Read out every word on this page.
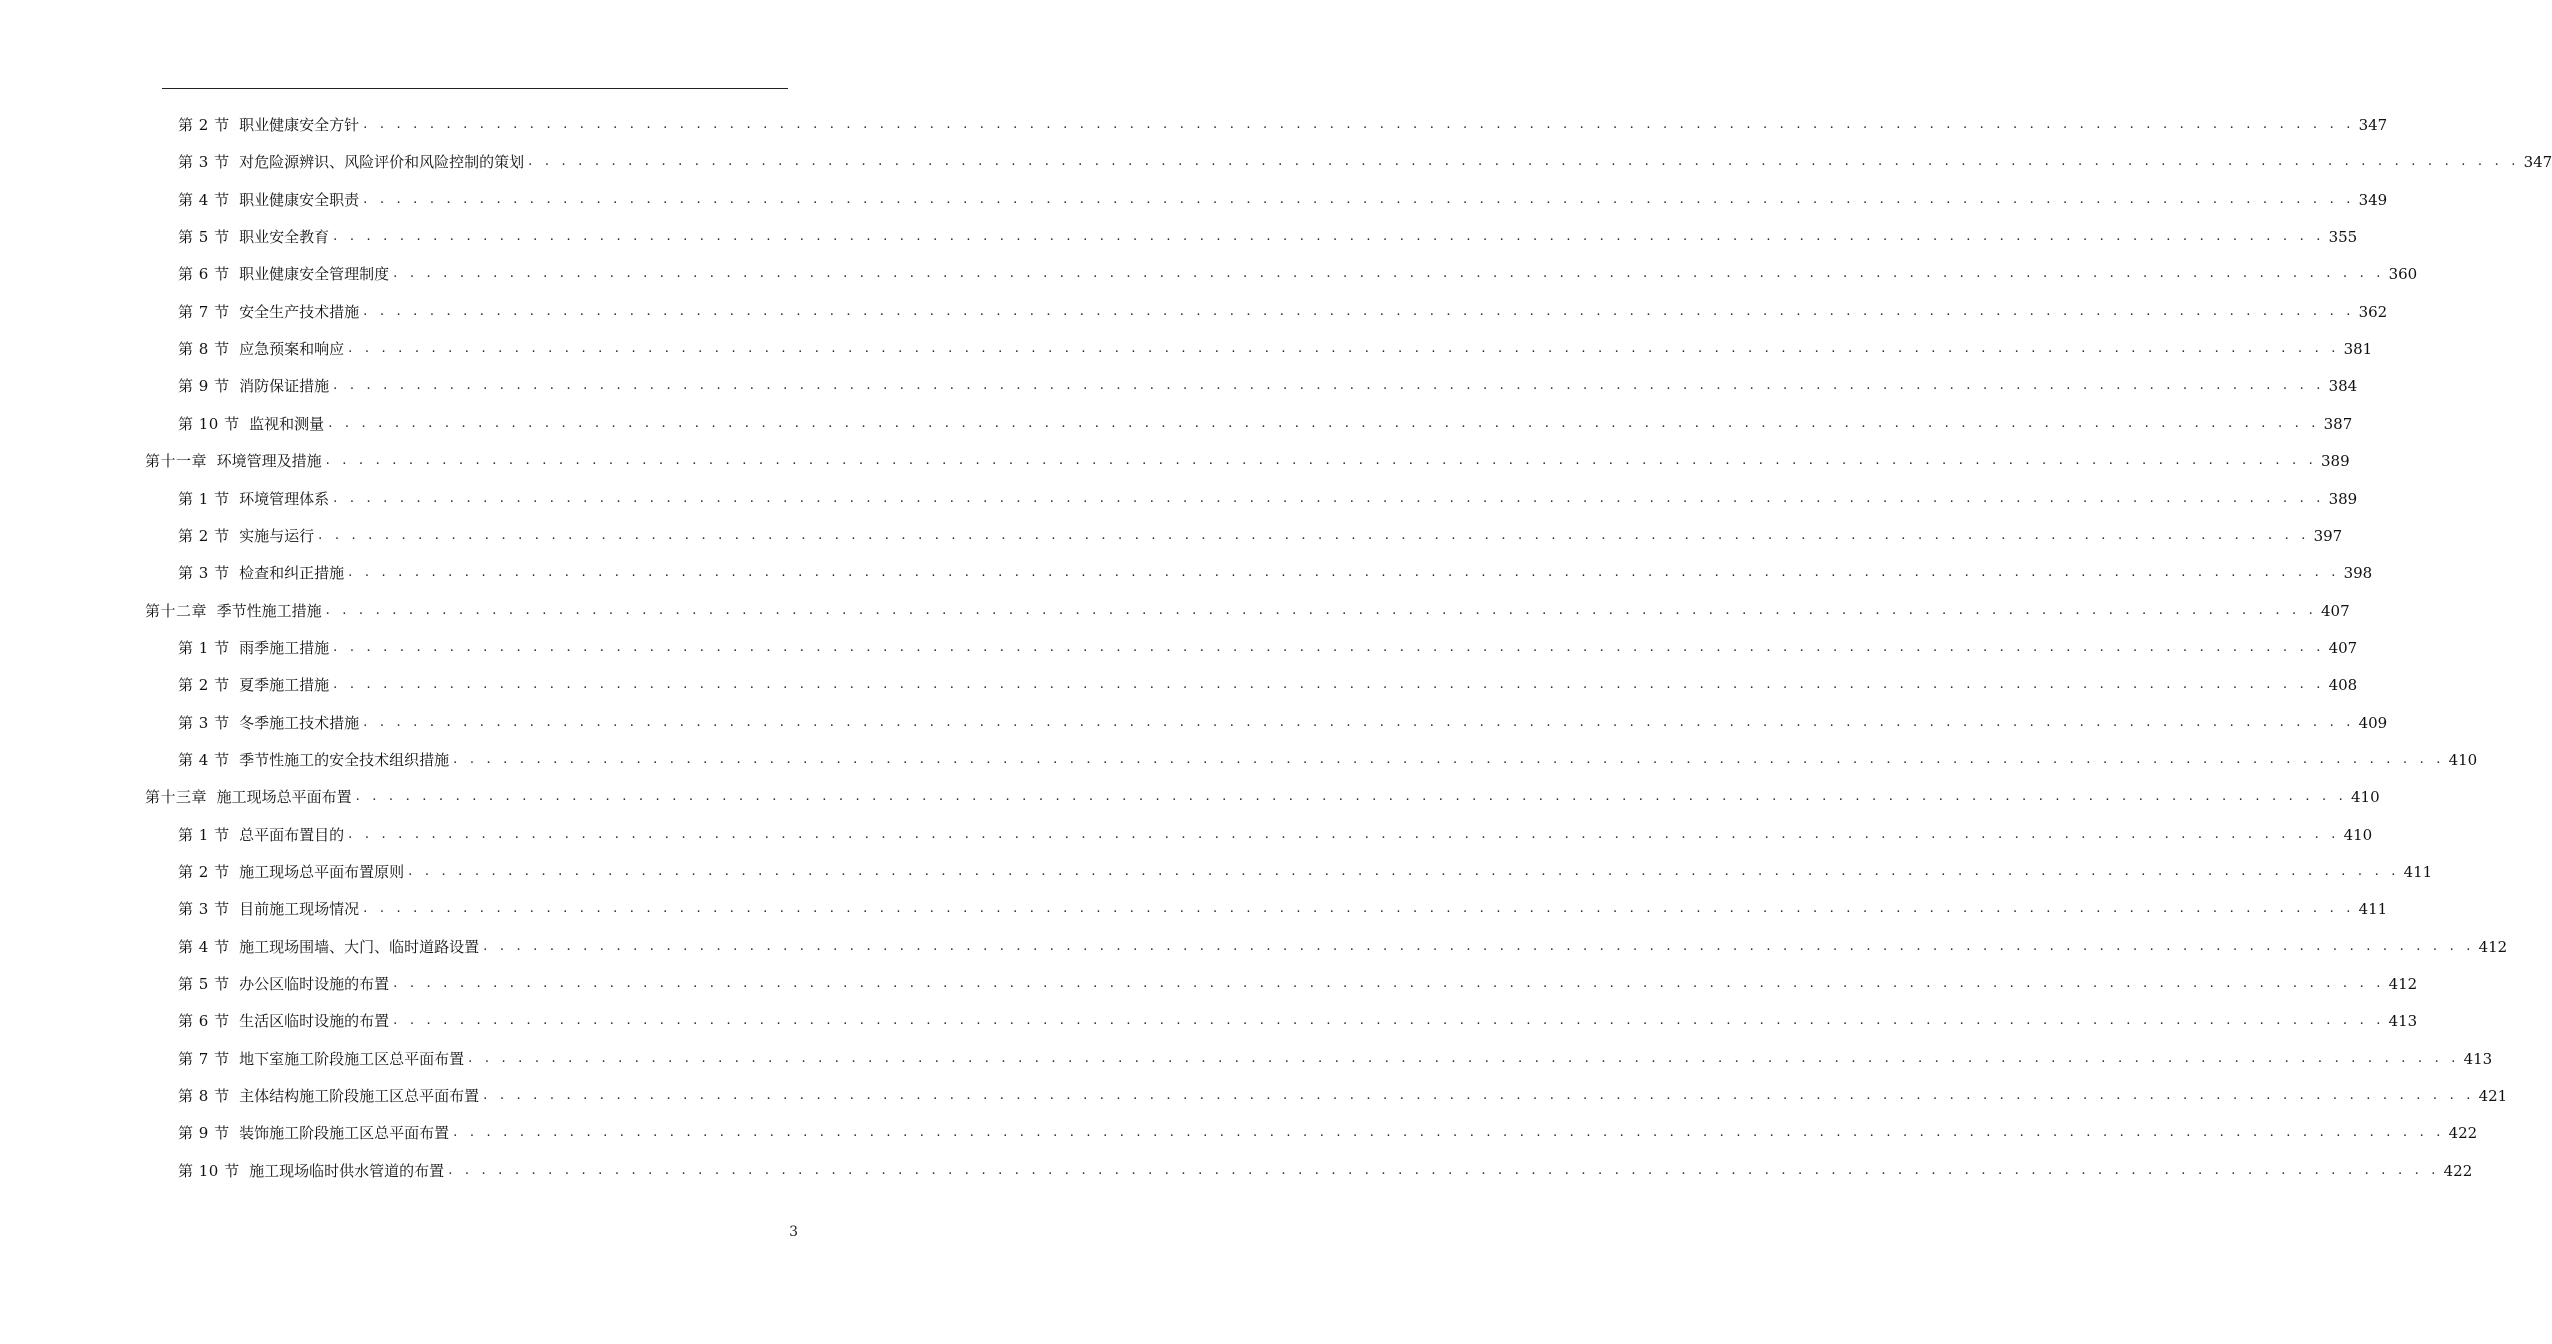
第 2 节 职业健康安全方针 . . . . . . . . . . . . . . . . . . . . . . . . . . . . . . . . . . . . . . . . . . . . . . . . . . . . . . . . . . . . . . . . . . . . . . . . . . . . . . . . . . . . . . . . . . . . . . . . . . . . . . . . . . . . . . . . . . . . . . . . 347
第 3 节 对危险源辨识、风险评价和风险控制的策划 . . . . . . . . . . . . . . . . . . . . . . . . . . . . . . . . . . . . . . . . . . . . . . . . . . . . . . . . . . . . . . . . . . . . . . . . . . . . . . . . . . . . . . . . . . . . . . . . . . . . . . . . . . . . . . . . . . . . . . . . 347
第 4 节 职业健康安全职责 . . . . . . . . . . . . . . . . . . . . . . . . . . . . . . . . . . . . . . . . . . . . . . . . . . . . . . . . . . . . . . . . . . . . . . . . . . . . . . . . . . . . . . . . . . . . . . . . . . . . . . . . . . . . . . . . . . . . . . . . 349
第 5 节 职业安全教育 . . . . . . . . . . . . . . . . . . . . . . . . . . . . . . . . . . . . . . . . . . . . . . . . . . . . . . . . . . . . . . . . . . . . . . . . . . . . . . . . . . . . . . . . . . . . . . . . . . . . . . . . . . . . . . . . . . . . . . . . 355
第 6 节 职业健康安全管理制度 . . . . . . . . . . . . . . . . . . . . . . . . . . . . . . . . . . . . . . . . . . . . . . . . . . . . . . . . . . . . . . . . . . . . . . . . . . . . . . . . . . . . . . . . . . . . . . . . . . . . . . . . . . . . . . . . . . . . . . . . 360
第 7 节 安全生产技术措施 . . . . . . . . . . . . . . . . . . . . . . . . . . . . . . . . . . . . . . . . . . . . . . . . . . . . . . . . . . . . . . . . . . . . . . . . . . . . . . . . . . . . . . . . . . . . . . . . . . . . . . . . . . . . . . . . . . . . . . . . 362
第 8 节 应急预案和响应 . . . . . . . . . . . . . . . . . . . . . . . . . . . . . . . . . . . . . . . . . . . . . . . . . . . . . . . . . . . . . . . . . . . . . . . . . . . . . . . . . . . . . . . . . . . . . . . . . . . . . . . . . . . . . . . . . . . . . . . . 381
第 9 节 消防保证措施 . . . . . . . . . . . . . . . . . . . . . . . . . . . . . . . . . . . . . . . . . . . . . . . . . . . . . . . . . . . . . . . . . . . . . . . . . . . . . . . . . . . . . . . . . . . . . . . . . . . . . . . . . . . . . . . . . . . . . . . . 384
第 10 节 监视和测量 . . . . . . . . . . . . . . . . . . . . . . . . . . . . . . . . . . . . . . . . . . . . . . . . . . . . . . . . . . . . . . . . . . . . . . . . . . . . . . . . . . . . . . . . . . . . . . . . . . . . . . . . . . . . . . . . . . . . . . . . 387
第十一章 环境管理及措施 . . . . . . . . . . . . . . . . . . . . . . . . . . . . . . . . . . . . . . . . . . . . . . . . . . . . . . . . . . . . . . . . . . . . . . . . . . . . . . . . . . . . . . . . . . . . . . . . . . . . . . . . . . . . . . . . . . . . . . . . 389
第 1 节 环境管理体系 . . . . . . . . . . . . . . . . . . . . . . . . . . . . . . . . . . . . . . . . . . . . . . . . . . . . . . . . . . . . . . . . . . . . . . . . . . . . . . . . . . . . . . . . . . . . . . . . . . . . . . . . . . . . . . . . . . . . . . . . 389
第 2 节 实施与运行 . . . . . . . . . . . . . . . . . . . . . . . . . . . . . . . . . . . . . . . . . . . . . . . . . . . . . . . . . . . . . . . . . . . . . . . . . . . . . . . . . . . . . . . . . . . . . . . . . . . . . . . . . . . . . . . . . . . . . . . . 397
第 3 节 检查和纠正措施 . . . . . . . . . . . . . . . . . . . . . . . . . . . . . . . . . . . . . . . . . . . . . . . . . . . . . . . . . . . . . . . . . . . . . . . . . . . . . . . . . . . . . . . . . . . . . . . . . . . . . . . . . . . . . . . . . . . . . . . . 398
第十二章 季节性施工措施 . . . . . . . . . . . . . . . . . . . . . . . . . . . . . . . . . . . . . . . . . . . . . . . . . . . . . . . . . . . . . . . . . . . . . . . . . . . . . . . . . . . . . . . . . . . . . . . . . . . . . . . . . . . . . . . . . . . . . . . . 407
第 1 节 雨季施工措施 . . . . . . . . . . . . . . . . . . . . . . . . . . . . . . . . . . . . . . . . . . . . . . . . . . . . . . . . . . . . . . . . . . . . . . . . . . . . . . . . . . . . . . . . . . . . . . . . . . . . . . . . . . . . . . . . . . . . . . . . 407
第 2 节 夏季施工措施 . . . . . . . . . . . . . . . . . . . . . . . . . . . . . . . . . . . . . . . . . . . . . . . . . . . . . . . . . . . . . . . . . . . . . . . . . . . . . . . . . . . . . . . . . . . . . . . . . . . . . . . . . . . . . . . . . . . . . . . . 408
第 3 节 冬季施工技术措施 . . . . . . . . . . . . . . . . . . . . . . . . . . . . . . . . . . . . . . . . . . . . . . . . . . . . . . . . . . . . . . . . . . . . . . . . . . . . . . . . . . . . . . . . . . . . . . . . . . . . . . . . . . . . . . . . . . . . . . . . 409
第 4 节 季节性施工的安全技术组织措施 . . . . . . . . . . . . . . . . . . . . . . . . . . . . . . . . . . . . . . . . . . . . . . . . . . . . . . . . . . . . . . . . . . . . . . . . . . . . . . . . . . . . . . . . . . . . . . . . . . . . . . . . . . . . . . . . . . . . . . . . 410
第十三章 施工现场总平面布置 . . . . . . . . . . . . . . . . . . . . . . . . . . . . . . . . . . . . . . . . . . . . . . . . . . . . . . . . . . . . . . . . . . . . . . . . . . . . . . . . . . . . . . . . . . . . . . . . . . . . . . . . . . . . . . . . . . . . . . . . 410
第 1 节 总平面布置目的 . . . . . . . . . . . . . . . . . . . . . . . . . . . . . . . . . . . . . . . . . . . . . . . . . . . . . . . . . . . . . . . . . . . . . . . . . . . . . . . . . . . . . . . . . . . . . . . . . . . . . . . . . . . . . . . . . . . . . . . . 410
第 2 节 施工现场总平面布置原则 . . . . . . . . . . . . . . . . . . . . . . . . . . . . . . . . . . . . . . . . . . . . . . . . . . . . . . . . . . . . . . . . . . . . . . . . . . . . . . . . . . . . . . . . . . . . . . . . . . . . . . . . . . . . . . . . . . . . . . . . 411
第 3 节 目前施工现场情况 . . . . . . . . . . . . . . . . . . . . . . . . . . . . . . . . . . . . . . . . . . . . . . . . . . . . . . . . . . . . . . . . . . . . . . . . . . . . . . . . . . . . . . . . . . . . . . . . . . . . . . . . . . . . . . . . . . . . . . . . 411
第 4 节 施工现场围墙、大门、临时道路设置 . . . . . . . . . . . . . . . . . . . . . . . . . . . . . . . . . . . . . . . . . . . . . . . . . . . . . . . . . . . . . . . . . . . . . . . . . . . . . . . . . . . . . . . . . . . . . . . . . . . . . . . . . . . . . . . . . . . . . . . . 412
第 5 节 办公区临时设施的布置 . . . . . . . . . . . . . . . . . . . . . . . . . . . . . . . . . . . . . . . . . . . . . . . . . . . . . . . . . . . . . . . . . . . . . . . . . . . . . . . . . . . . . . . . . . . . . . . . . . . . . . . . . . . . . . . . . . . . . . . . 412
第 6 节 生活区临时设施的布置 . . . . . . . . . . . . . . . . . . . . . . . . . . . . . . . . . . . . . . . . . . . . . . . . . . . . . . . . . . . . . . . . . . . . . . . . . . . . . . . . . . . . . . . . . . . . . . . . . . . . . . . . . . . . . . . . . . . . . . . . 413
第 7 节 地下室施工阶段施工区总平面布置 . . . . . . . . . . . . . . . . . . . . . . . . . . . . . . . . . . . . . . . . . . . . . . . . . . . . . . . . . . . . . . . . . . . . . . . . . . . . . . . . . . . . . . . . . . . . . . . . . . . . . . . . . . . . . . . . . . . . . . . . 413
第 8 节 主体结构施工阶段施工区总平面布置 . . . . . . . . . . . . . . . . . . . . . . . . . . . . . . . . . . . . . . . . . . . . . . . . . . . . . . . . . . . . . . . . . . . . . . . . . . . . . . . . . . . . . . . . . . . . . . . . . . . . . . . . . . . . . . . . . . . . . . . . 421
第 9 节 装饰施工阶段施工区总平面布置 . . . . . . . . . . . . . . . . . . . . . . . . . . . . . . . . . . . . . . . . . . . . . . . . . . . . . . . . . . . . . . . . . . . . . . . . . . . . . . . . . . . . . . . . . . . . . . . . . . . . . . . . . . . . . . . . . . . . . . . . 422
第 10 节 施工现场临时供水管道的布置 . . . . . . . . . . . . . . . . . . . . . . . . . . . . . . . . . . . . . . . . . . . . . . . . . . . . . . . . . . . . . . . . . . . . . . . . . . . . . . . . . . . . . . . . . . . . . . . . . . . . . . . . . . . . . . . . . . . . . . . . 422
3
